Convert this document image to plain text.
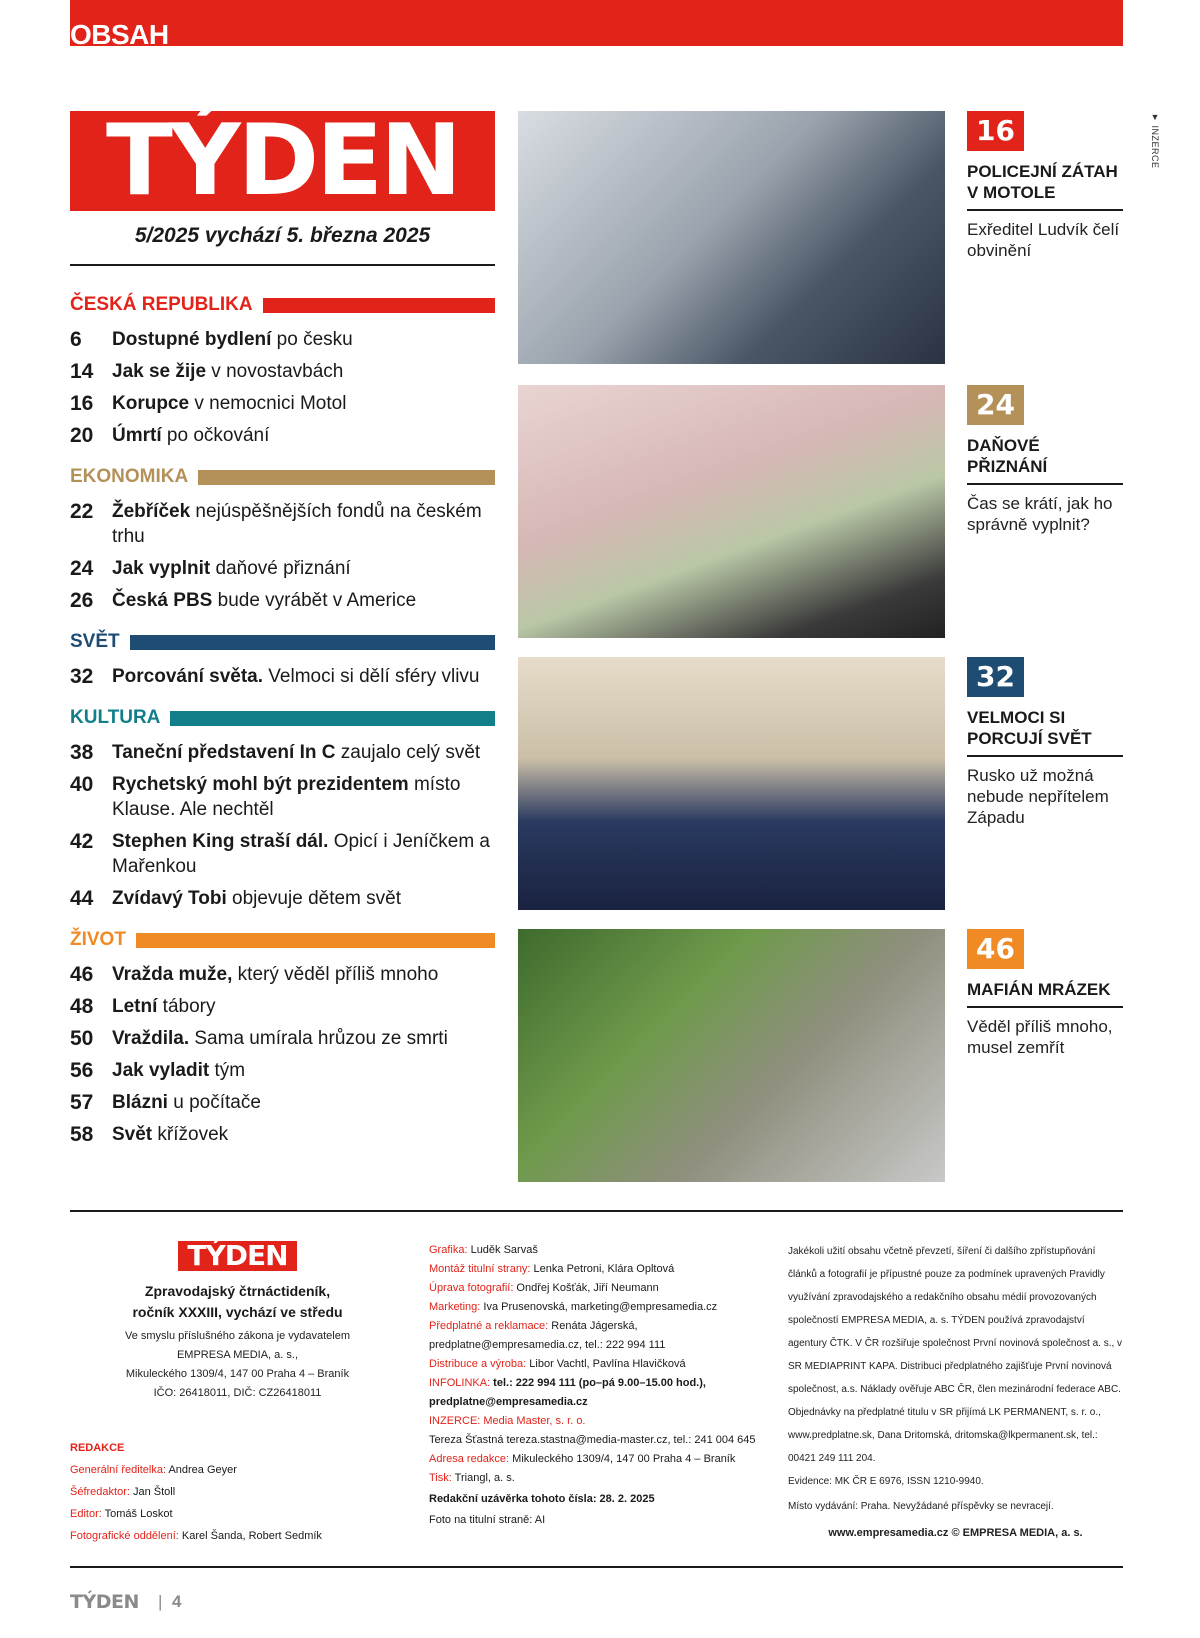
OBSAH
▼ INZERCE
TÝDEN
5/2025 vychází 5. března 2025
ČESKÁ REPUBLIKA
6	Dostupné bydlení po česku
14 Jak se žije v novostavbách
16 Korupce v nemocnici Motol
20 Úmrtí po očkování
EKONOMIKA
22 Žebříček nejúspěšnějších fondů na českém trhu
24 Jak vyplnit daňové přiznání
26 Česká PBS bude vyrábět v Americe
SVĚT
32 Porcování světa. Velmoci si dělí sféry vlivu
KULTURA
38 Taneční představení In C zaujalo celý svět
40 Rychetský mohl být prezidentem místo Klause. Ale nechtěl
42 Stephen King straší dál. Opicí i Jeníčkem a Mařenkou
44 Zvídavý Tobi objevuje dětem svět
ŽIVOT
46 Vražda muže, který věděl příliš mnoho
48 Letní tábory
50 Vraždila. Sama umírala hrůzou ze smrti
56 Jak vyladit tým
57 Blázni u počítače
58 Svět křížovek
16
POLICEJNÍ ZÁTAH V MOTOLE
Exředitel Ludvík čelí obvinění
24
DAŇOVÉ PŘIZNÁNÍ
Čas se krátí, jak ho správně vyplnit?
32
VELMOCI SI PORCUJÍ SVĚT
Rusko už možná nebude nepřítelem Západu
46
MAFIÁN MRÁZEK
Věděl příliš mnoho, musel zemřít
TÝDEN
Zpravodajský čtrnáctideník,
ročník XXXIII, vychází ve středu
Ve smyslu příslušného zákona je vydavatelem
EMPRESA MEDIA, a. s.,
Mikuleckého 1309/4, 147 00 Praha 4 – Braník
IČO: 26418011, DIČ: CZ26418011
REDAKCE
Generální ředitelka: Andrea Geyer
Šéfredaktor: Jan Štoll
Editor: Tomáš Loskot
Fotografické oddělení: Karel Šanda, Robert Sedmík
Grafika: Luděk Sarvaš
Montáž titulní strany: Lenka Petroni, Klára Opltová
Úprava fotografií: Ondřej Košťák, Jiří Neumann
Marketing: Iva Prusenovská, marketing@empresamedia.cz
Předplatné a reklamace: Renáta Jágerská, predplatne@empresamedia.cz, tel.: 222 994 111
Distribuce a výroba: Libor Vachtl, Pavlína Hlavičková
INFOLINKA: tel.: 222 994 111 (po–pá 9.00–15.00 hod.), predplatne@empresamedia.cz
INZERCE: Media Master, s. r. o.
Tereza Šťastná tereza.stastna@media-master.cz, tel.: 241 004 645
Adresa redakce: Mikuleckého 1309/4, 147 00 Praha 4 – Braník
Tisk: Triangl, a. s.
Redakční uzávěrka tohoto čísla: 28. 2. 2025
Foto na titulní straně: AI
Jakékoli užití obsahu včetně převzetí, šíření či dalšího zpřístupňování článků a fotografií je přípustné pouze za podmínek upravených Pravidly využívání zpravodajského a redakčního obsahu médií provozovaných společností EMPRESA MEDIA, a. s. TÝDEN používá zpravodajství agentury ČTK. V ČR rozšiřuje společnost První novinová společnost a. s., v SR MEDIAPRINT KAPA. Distribuci předplatného zajišťuje První novinová společnost, a.s. Náklady ověřuje ABC ČR, člen mezinárodní federace ABC. Objednávky na předplatné titulu v SR přijímá LK PERMANENT, s. r. o., www.predplatne.sk, Dana Dritomská, dritomska@lkpermanent.sk, tel.: 00421 249 111 204.
Evidence: MK ČR E 6976, ISSN 1210-9940.
Místo vydávání: Praha. Nevyžádané příspěvky se nevracejí.
www.empresamedia.cz © EMPRESA MEDIA, a. s.
TÝDEN | 4
